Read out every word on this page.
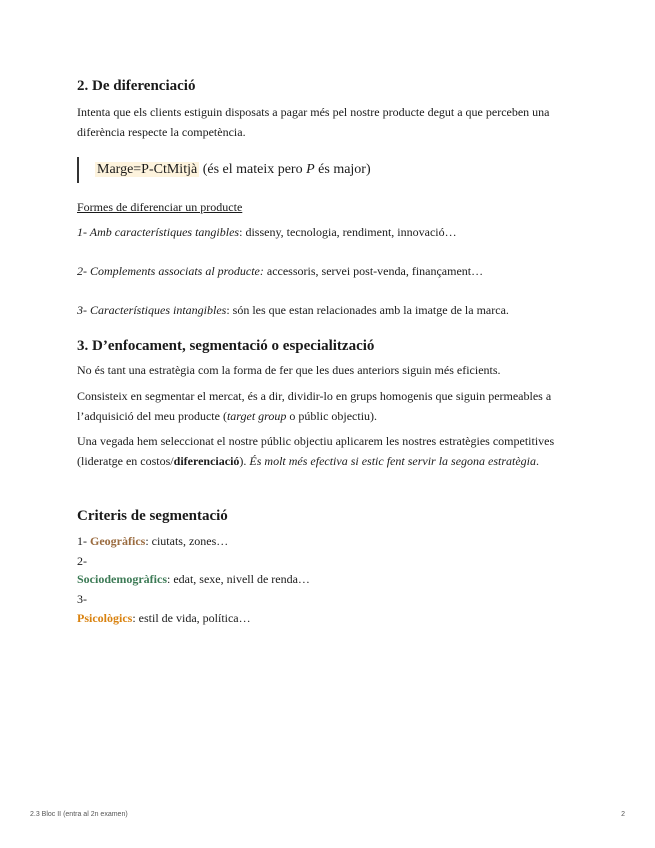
2. De diferenciació
Intenta que els clients estiguin disposats a pagar més pel nostre producte degut a que perceben una diferència respecte la competència.
Marge=P-CtMitjà (és el mateix pero P és major)
Formes de diferenciar un producte
1- Amb característiques tangibles: disseny, tecnologia, rendiment, innovació…
2- Complements associats al producte: accessoris, servei post-venda, finançament…
3- Característiques intangibles: són les que estan relacionades amb la imatge de la marca.
3. D’enfocament, segmentació o especialització
No és tant una estratègia com la forma de fer que les dues anteriors siguin més eficients.
Consisteix en segmentar el mercat, és a dir, dividir-lo en grups homogenis que siguin permeables a l’adquisició del meu producte (target group o públic objectiu).
Una vegada hem seleccionat el nostre públic objectiu aplicarem les nostres estratègies competitives (lideratge en costos/diferenciació). És molt més efectiva si estic fent servir la segona estratègia.
Criteris de segmentació
1- Geogràfics: ciutats, zones…
2-
Sociodemogràfics: edat, sexe, nivell de renda…
3-
Psicològics: estil de vida, política…
2.3 Bloc II (entra al 2n examen)	2
